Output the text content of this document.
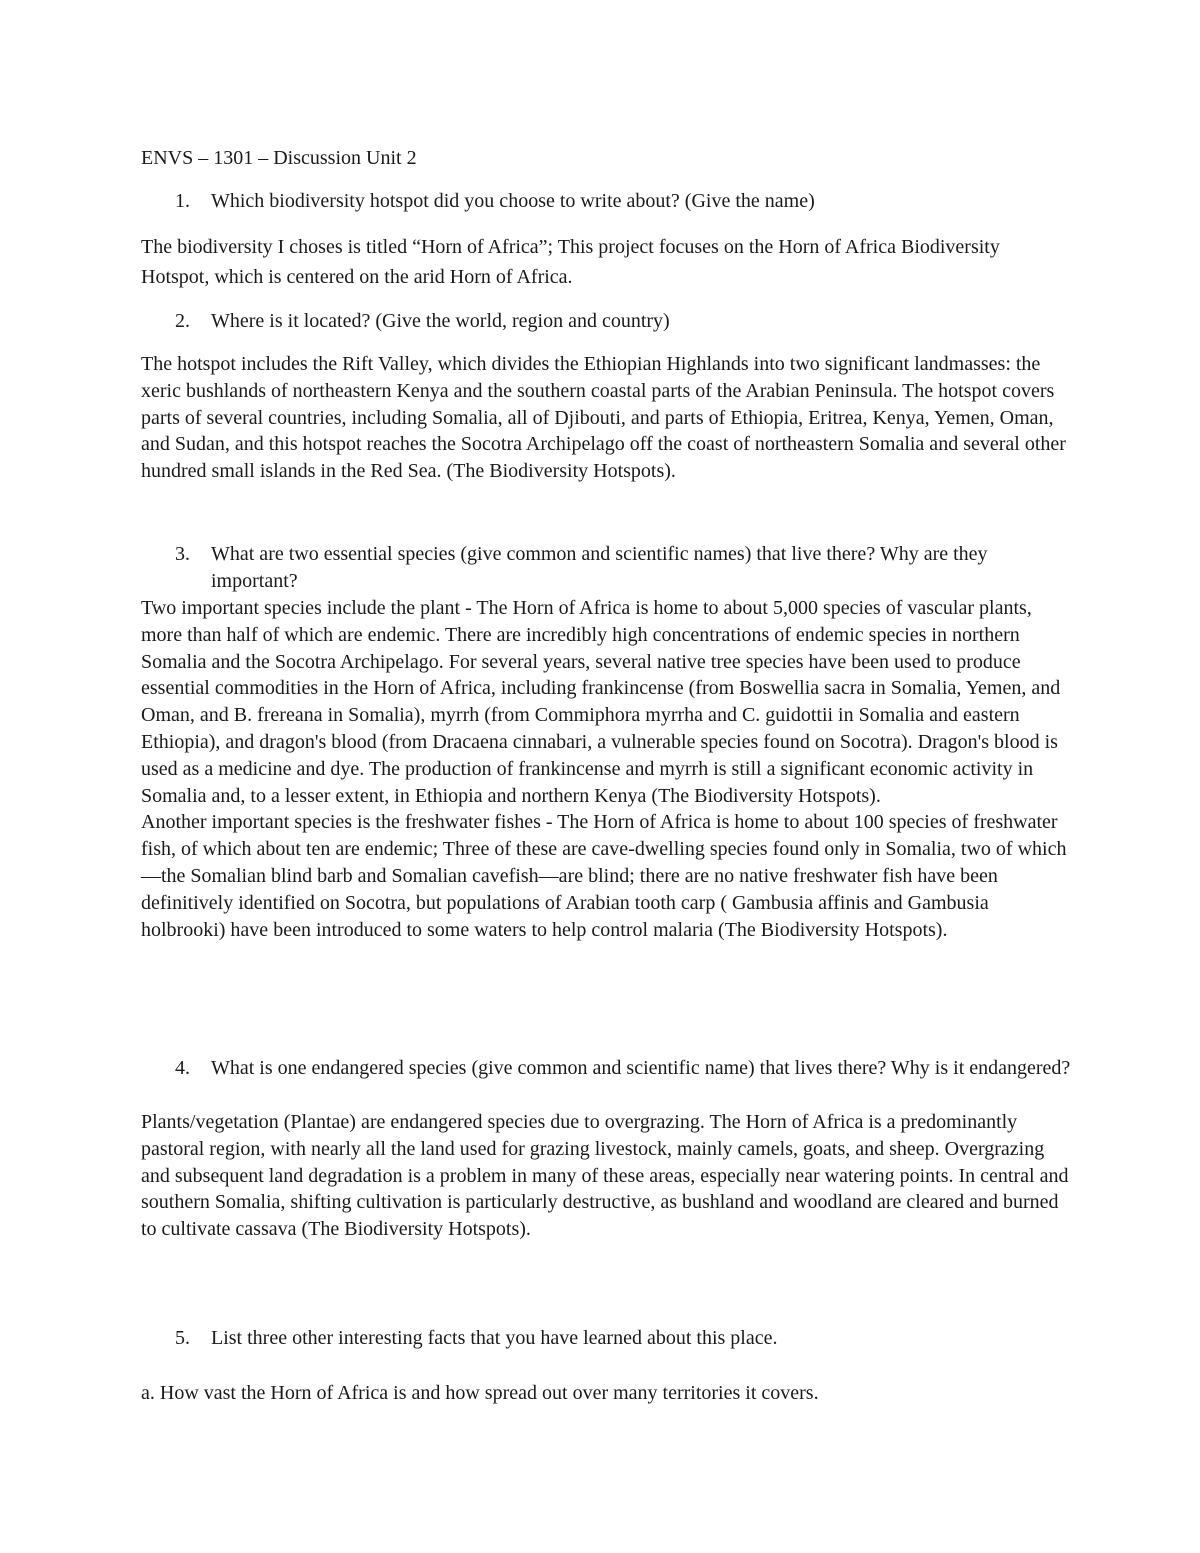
ENVS – 1301 – Discussion Unit 2
1. Which biodiversity hotspot did you choose to write about? (Give the name)

The biodiversity I choses is titled “Horn of Africa”; This project focuses on the Horn of Africa Biodiversity Hotspot, which is centered on the arid Horn of Africa.

2. Where is it located? (Give the world, region and country)

The hotspot includes the Rift Valley, which divides the Ethiopian Highlands into two significant landmasses: the xeric bushlands of northeastern Kenya and the southern coastal parts of the Arabian Peninsula. The hotspot covers parts of several countries, including Somalia, all of Djibouti, and parts of Ethiopia, Eritrea, Kenya, Yemen, Oman, and Sudan, and this hotspot reaches the Socotra Archipelago off the coast of northeastern Somalia and several other hundred small islands in the Red Sea. (The Biodiversity Hotspots).

3. What are two essential species (give common and scientific names) that live there? Why are they important?
Two important species include the plant - The Horn of Africa is home to about 5,000 species of vascular plants, more than half of which are endemic. There are incredibly high concentrations of endemic species in northern Somalia and the Socotra Archipelago. For several years, several native tree species have been used to produce essential commodities in the Horn of Africa, including frankincense (from Boswellia sacra in Somalia, Yemen, and Oman, and B. frereana in Somalia), myrrh (from Commiphora myrrha and C. guidottii in Somalia and eastern Ethiopia), and dragon's blood (from Dracaena cinnabari, a vulnerable species found on Socotra). Dragon's blood is used as a medicine and dye. The production of frankincense and myrrh is still a significant economic activity in Somalia and, to a lesser extent, in Ethiopia and northern Kenya (The Biodiversity Hotspots).
Another important species is the freshwater fishes - The Horn of Africa is home to about 100 species of freshwater fish, of which about ten are endemic; Three of these are cave-dwelling species found only in Somalia, two of which—the Somalian blind barb and Somalian cavefish—are blind; there are no native freshwater fish have been definitively identified on Socotra, but populations of Arabian tooth carp ( Gambusia affinis and Gambusia holbrooki) have been introduced to some waters to help control malaria (The Biodiversity Hotspots).
4. What is one endangered species (give common and scientific name) that lives there? Why is it endangered?

Plants/vegetation (Plantae) are endangered species due to overgrazing. The Horn of Africa is a predominantly pastoral region, with nearly all the land used for grazing livestock, mainly camels, goats, and sheep. Overgrazing and subsequent land degradation is a problem in many of these areas, especially near watering points. In central and southern Somalia, shifting cultivation is particularly destructive, as bushland and woodland are cleared and burned to cultivate cassava (The Biodiversity Hotspots).

5. List three other interesting facts that you have learned about this place.

a. How vast the Horn of Africa is and how spread out over many territories it covers.
